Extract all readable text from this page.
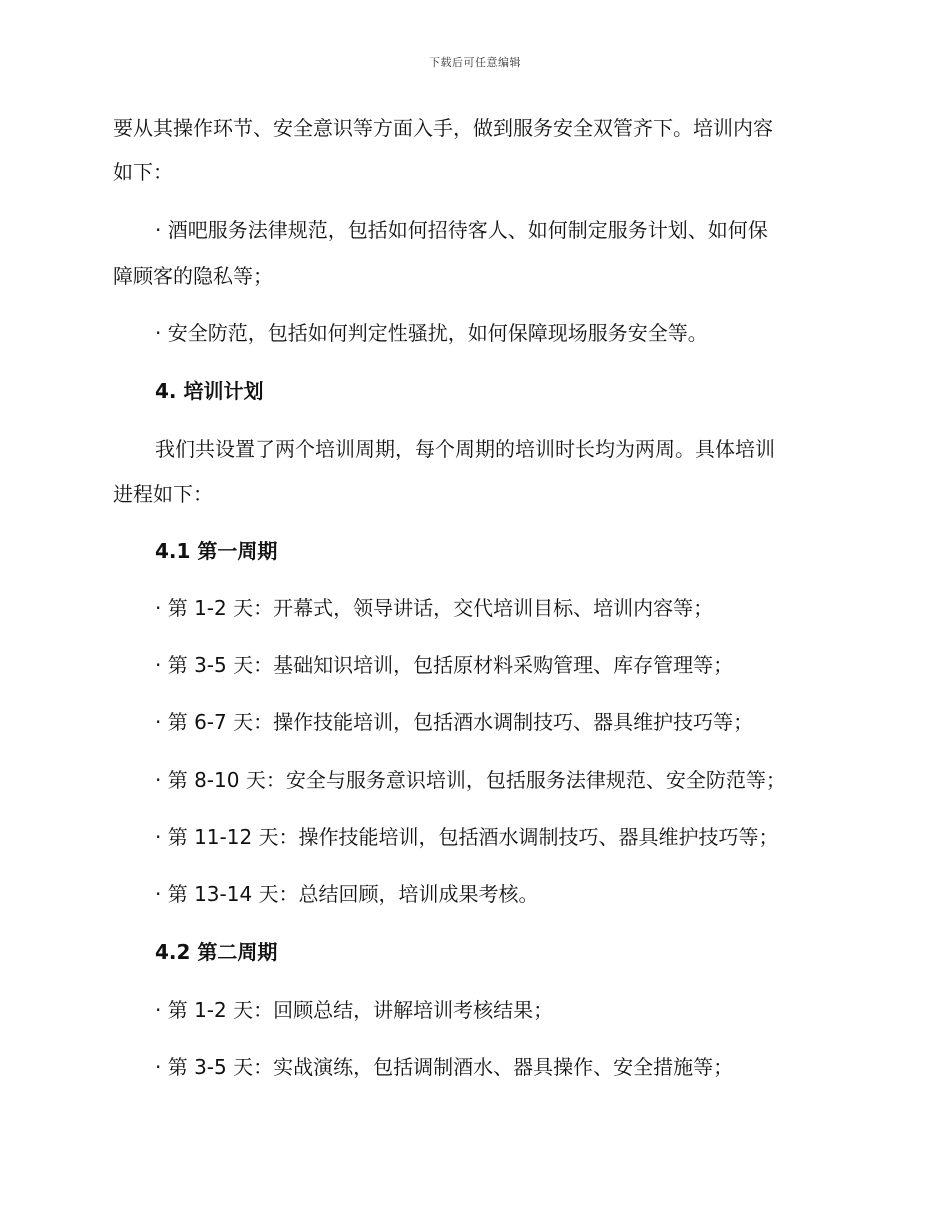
下载后可任意编辑
要从其操作环节、安全意识等方面入手，做到服务安全双管齐下。培训内容
如下：
· 酒吧服务法律规范，包括如何招待客人、如何制定服务计划、如何保
障顾客的隐私等；
· 安全防范，包括如何判定性骚扰，如何保障现场服务安全等。
4. 培训计划
我们共设置了两个培训周期，每个周期的培训时长均为两周。具体培训
进程如下：
4.1 第一周期
· 第 1-2 天：开幕式，领导讲话，交代培训目标、培训内容等；
· 第 3-5 天：基础知识培训，包括原材料采购管理、库存管理等；
· 第 6-7 天：操作技能培训，包括酒水调制技巧、器具维护技巧等；
· 第 8-10 天：安全与服务意识培训，包括服务法律规范、安全防范等；
· 第 11-12 天：操作技能培训，包括酒水调制技巧、器具维护技巧等；
· 第 13-14 天：总结回顾，培训成果考核。
4.2 第二周期
· 第 1-2 天：回顾总结，讲解培训考核结果；
· 第 3-5 天：实战演练，包括调制酒水、器具操作、安全措施等；
